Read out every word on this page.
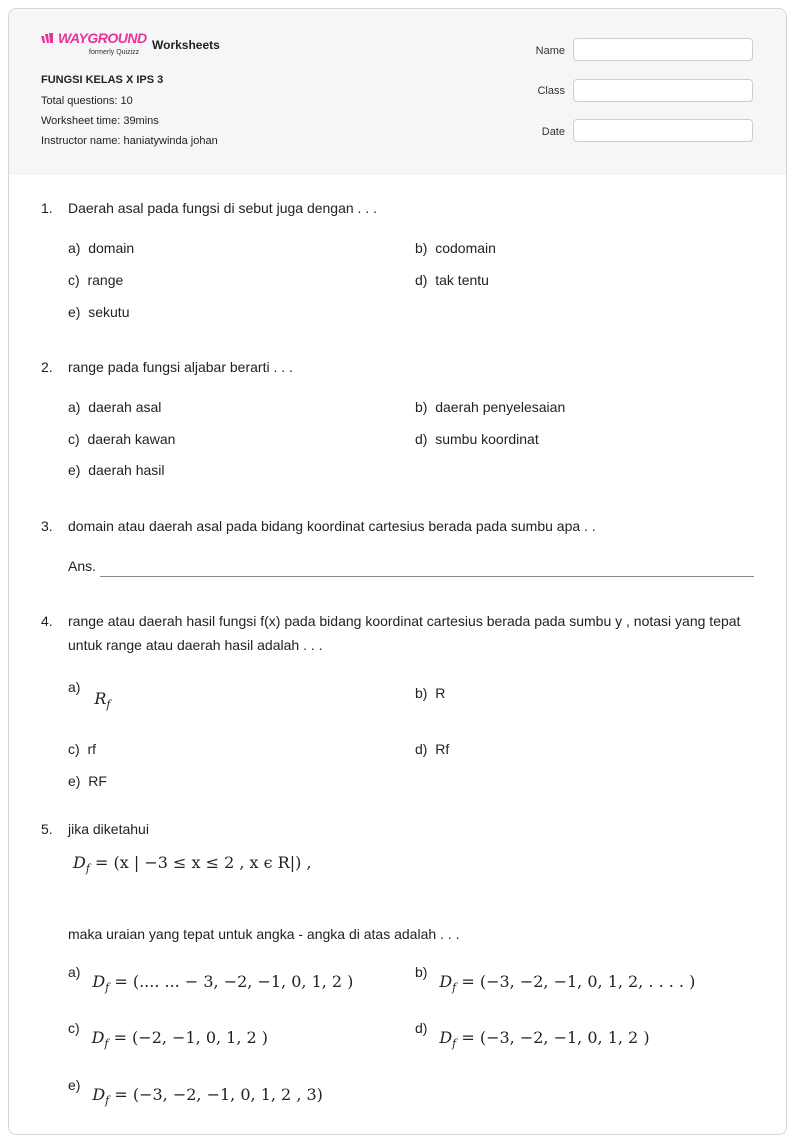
WAYGROUND
formerly Quizizz
Worksheets
FUNGSI KELAS X IPS 3
Total questions: 10
Worksheet time: 39mins
Instructor name: haniatywinda johan
Name
Class
Date
1. Daerah asal pada fungsi di sebut juga dengan . . .
a) domain	b) codomain
c) range	d) tak tentu
e) sekutu
2. range pada fungsi aljabar berarti . . .
a) daerah asal	b) daerah penyelesaian
c) daerah kawan	d) sumbu koordinat
e) daerah hasil
3. domain atau daerah asal pada bidang koordinat cartesius berada pada sumbu apa . .
Ans.
4. range atau daerah hasil fungsi f(x) pada bidang koordinat cartesius berada pada sumbu y , notasi yang tepat untuk range atau daerah hasil adalah . . .
a) $R_f$
b) R
c) rf	d) Rf
e) RF
5. jika diketahui
$D_f = (x$ | −3 ≤ x ≤ 2 , x ϵ R|) ,
maka uraian yang tepat untuk angka - angka di atas adalah . . .
a) $D_f$ = (.... ... − 3, −2, −1, 0, 1, 2 )	b) $D_f = (-3$, −2, −1, 0, 1, 2, . . . . )
c) $D_f = (-2$, −1, 0, 1, 2 )	d) $D_f = (-3$, −2, −1, 0, 1, 2 )
e) $D_f = (-3$, −2, −1, 0, 1, 2 , 3)
